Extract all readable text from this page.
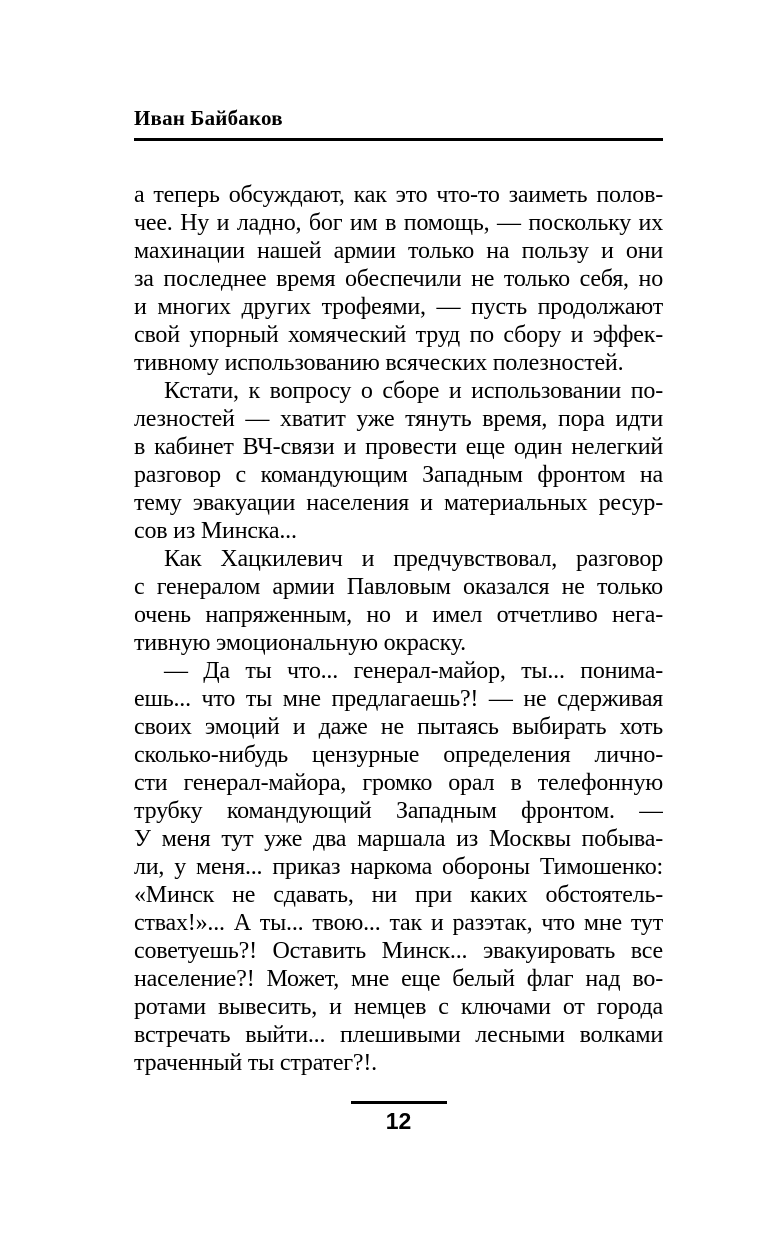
Иван Байбаков
а теперь обсуждают, как это что-то заиметь полов-
чее. Ну и ладно, бог им в помощь, — поскольку их
махинации нашей армии только на пользу и они
за последнее время обеспечили не только себя, но
и многих других трофеями, — пусть продолжают
свой упорный хомяческий труд по сбору и эффек-
тивному использованию всяческих полезностей.
Кстати, к вопросу о сборе и использовании по-
лезностей — хватит уже тянуть время, пора идти
в кабинет ВЧ-связи и провести еще один нелегкий
разговор с командующим Западным фронтом на
тему эвакуации населения и материальных ресур-
сов из Минска...
Как Хацкилевич и предчувствовал, разговор
с генералом армии Павловым оказался не только
очень напряженным, но и имел отчетливо нега-
тивную эмоциональную окраску.
— Да ты что... генерал-майор, ты... понима-
ешь... что ты мне предлагаешь?! — не сдерживая
своих эмоций и даже не пытаясь выбирать хоть
сколько-нибудь цензурные определения лично-
сти генерал-майора, громко орал в телефонную
трубку командующий Западным фронтом. —
У меня тут уже два маршала из Москвы побыва-
ли, у меня... приказ наркома обороны Тимошенко:
«Минск не сдавать, ни при каких обстоятель-
ствах!»... А ты... твою... так и разэтак, что мне тут
советуешь?! Оставить Минск... эвакуировать все
население?! Может, мне еще белый флаг над во-
ротами вывесить, и немцев с ключами от города
встречать выйти... плешивыми лесными волками
траченный ты стратег?!.
12
